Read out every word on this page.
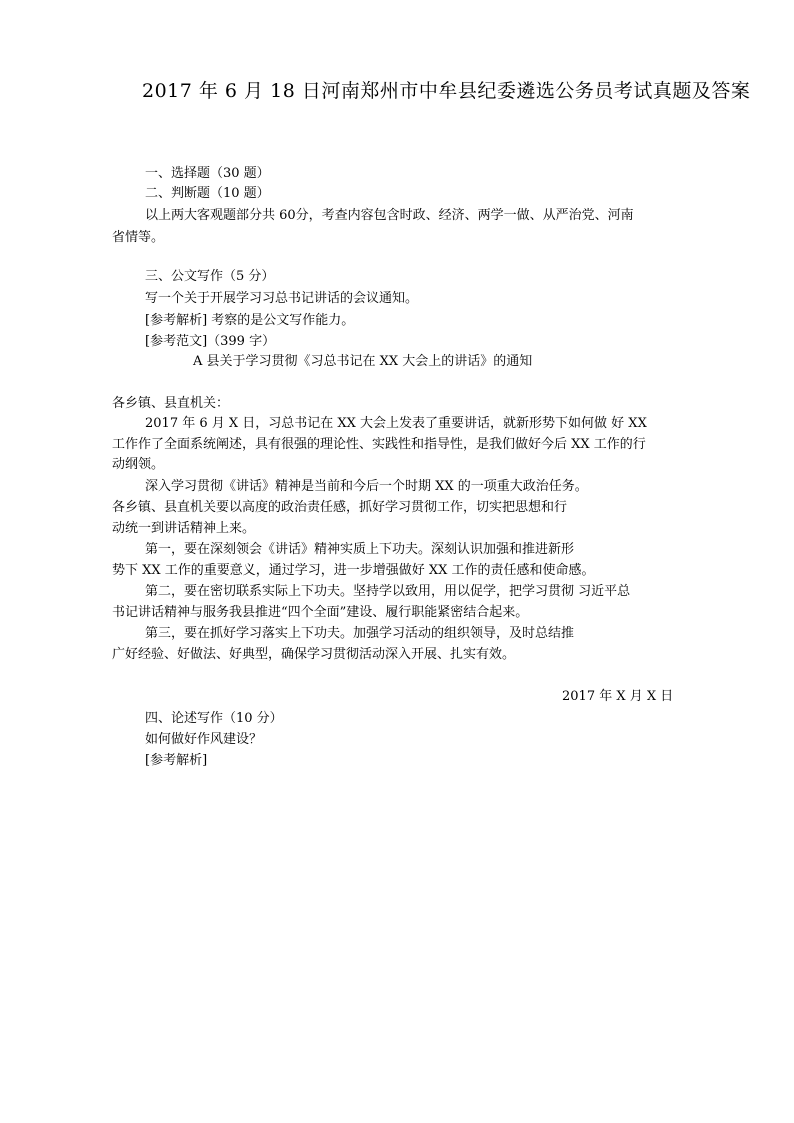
2017 年 6 月 18 日河南郑州市中牟县纪委遴选公务员考试真题及答案
一、选择题（30 题）
二、判断题（10 题）
以上两大客观题部分共 60分，考查内容包含时政、经济、两学一做、从严治党、河南
省情等。
三、公文写作（5 分）
写一个关于开展学习习总书记讲话的会议通知。
[参考解析] 考察的是公文写作能力。
[参考范文]（399 字）
A 县关于学习贯彻《习总书记在 XX 大会上的讲话》的通知
各乡镇、县直机关：
2017 年 6 月 X 日，习总书记在 XX 大会上发表了重要讲话，就新形势下如何做 好 XX
工作作了全面系统阐述，具有很强的理论性、实践性和指导性，是我们做好今后 XX 工作的行
动纲领。
深入学习贯彻《讲话》精神是当前和今后一个时期 XX 的一项重大政治任务。
各乡镇、县直机关要以高度的政治责任感，抓好学习贯彻工作，切实把思想和行
动统一到讲话精神上来。
第一，要在深刻领会《讲话》精神实质上下功夫。深刻认识加强和推进新形
势下 XX 工作的重要意义，通过学习，进一步增强做好 XX 工作的责任感和使命感。
第二，要在密切联系实际上下功夫。坚持学以致用，用以促学，把学习贯彻 习近平总
书记讲话精神与服务我县推进“四个全面”建设、履行职能紧密结合起来。
第三，要在抓好学习落实上下功夫。加强学习活动的组织领导，及时总结推
广好经验、好做法、好典型，确保学习贯彻活动深入开展、扎实有效。
2017 年 X 月 X 日
四、论述写作（10 分）
如何做好作风建设？
[参考解析]
